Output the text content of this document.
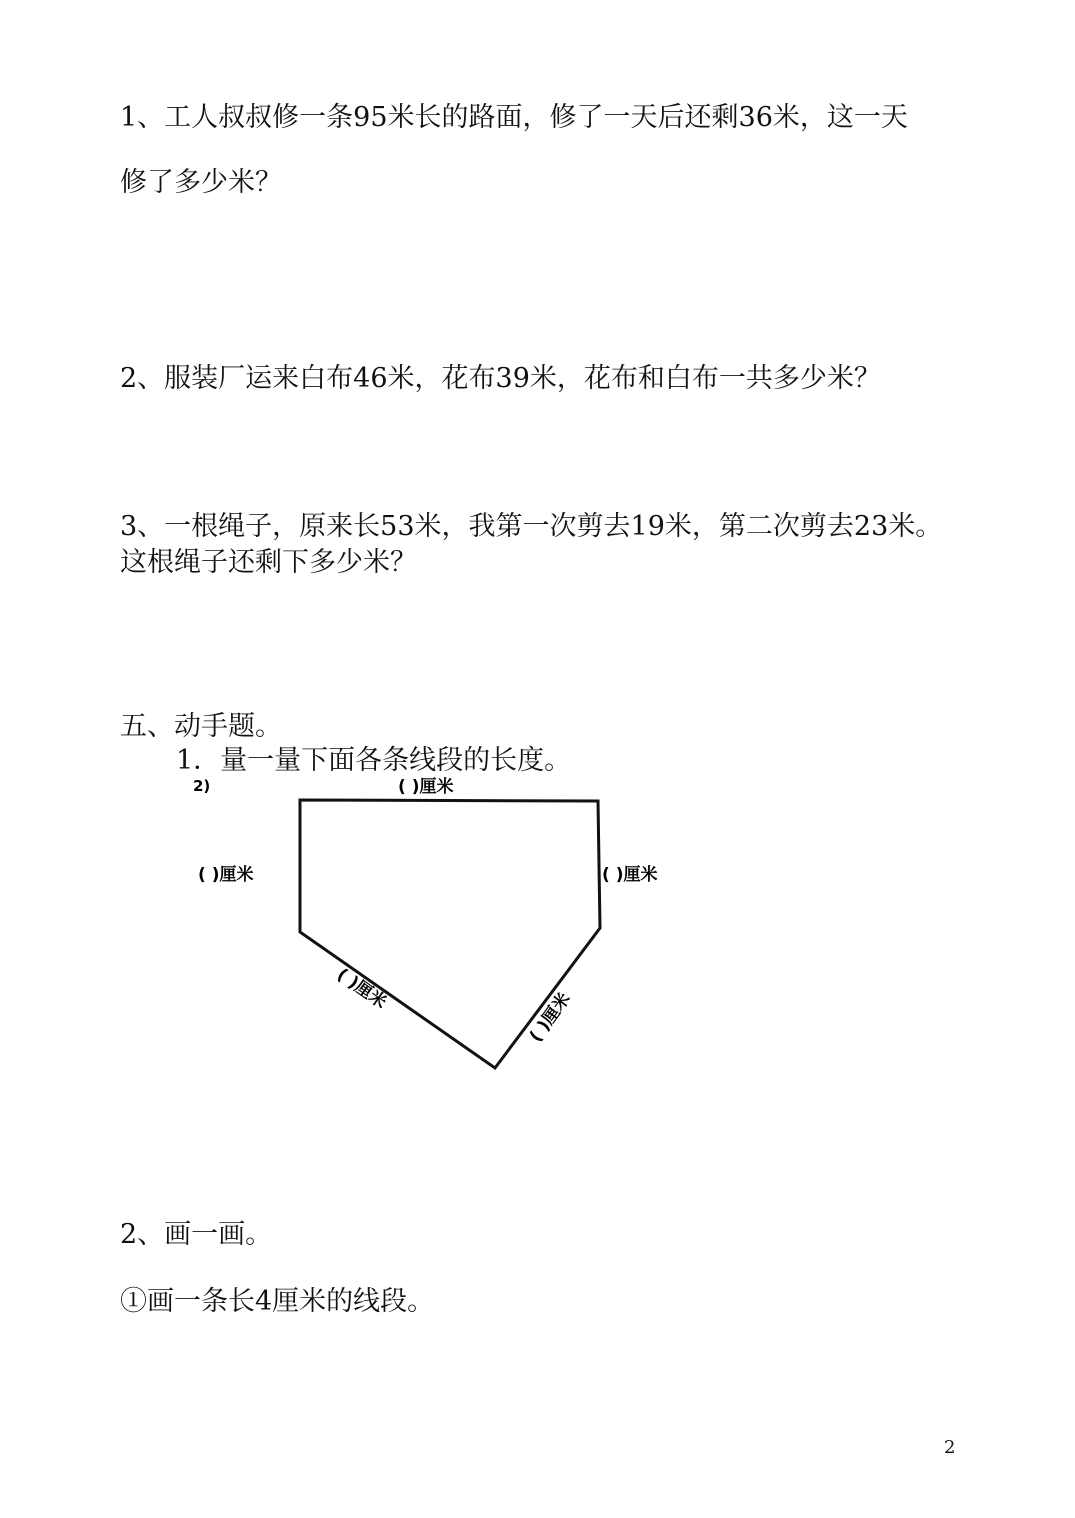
1、工人叔叔修一条95米长的路面，修了一天后还剩36米，这一天
修了多少米？
2、服装厂运来白布46米，花布39米，花布和白布一共多少米？
3、一根绳子，原来长53米，我第一次剪去19米，第二次剪去23米。
这根绳子还剩下多少米？
五、动手题。
1．量一量下面各条线段的长度。
2)	( )厘米
( )厘米	( )厘米
( )厘米
( )厘米
2、画一画。
①画一条长4厘米的线段。
2
